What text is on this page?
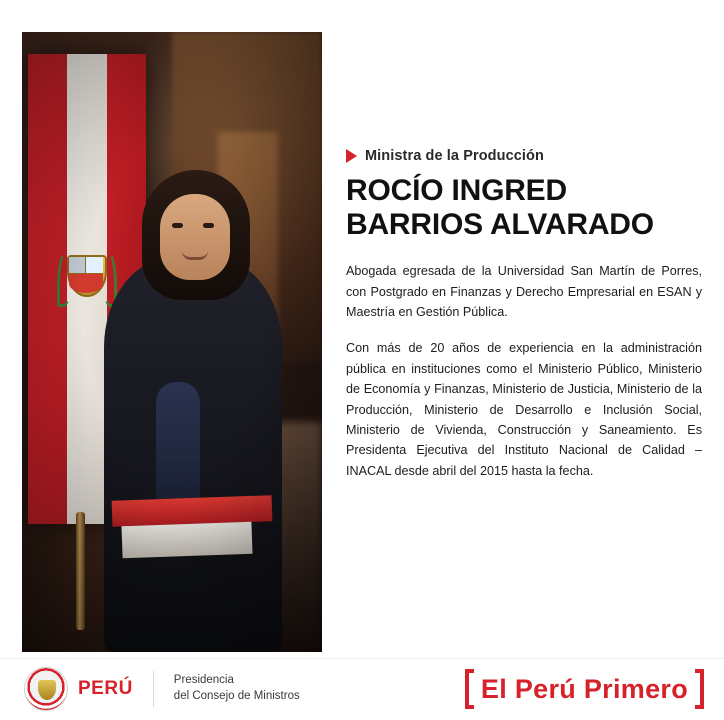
Ministra de la Producción
ROCÍO INGRED
BARRIOS ALVARADO

Abogada egresada de la Universidad San Martín de Porres, con Postgrado en Finanzas y Derecho Empresarial en ESAN y Maestría en Gestión Pública.

Con más de 20 años de experiencia en la administración pública en instituciones como el Ministerio Público, Ministerio de Economía y Finanzas, Ministerio de Justicia, Ministerio de la Producción, Ministerio de Desarrollo e Inclusión Social, Ministerio de Vivienda, Construcción y Saneamiento. Es Presidenta Ejecutiva del Instituto Nacional de Calidad – INACAL desde abril del 2015 hasta la fecha.

PERÚ	Presidencia
del Consejo de Ministros	El Perú Primero
